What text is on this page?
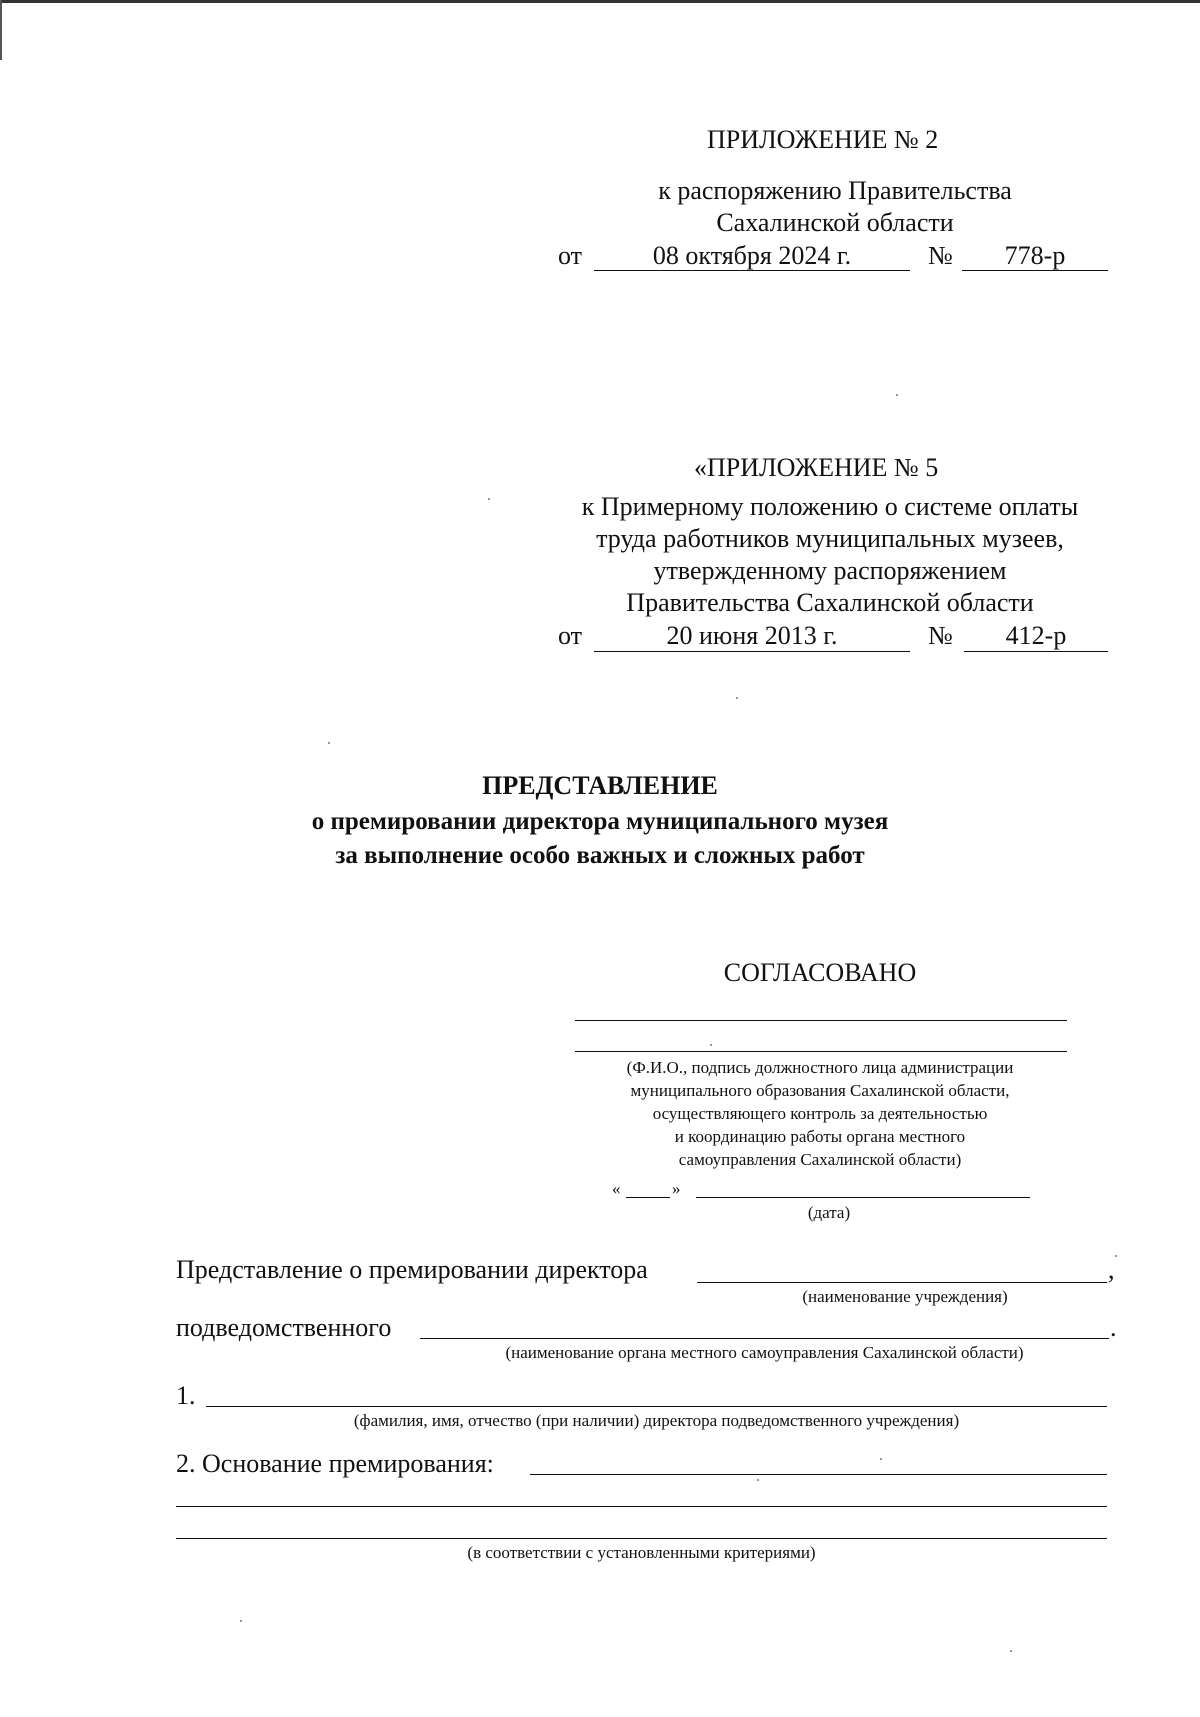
ПРИЛОЖЕНИЕ № 2
к распоряжению Правительства
Сахалинской области
от	08 октября 2024 г.	№	778-р
«ПРИЛОЖЕНИЕ № 5
к Примерному положению о системе оплаты
труда работников муниципальных музеев,
утвержденному распоряжением
Правительства Сахалинской области
от	20 июня 2013 г.	№	412-р
ПРЕДСТАВЛЕНИЕ
о премировании директора муниципального музея
за выполнение особо важных и сложных работ
СОГЛАСОВАНО
(Ф.И.О., подпись должностного лица администрации
муниципального образования Сахалинской области,
осуществляющего контроль за деятельностью
и координацию работы органа местного
самоуправления Сахалинской области)
«	»
(дата)
Представление о премировании директора	,
(наименование учреждения)
подведомственного	.
(наименование органа местного самоуправления Сахалинской области)
1.
(фамилия, имя, отчество (при наличии) директора подведомственного учреждения)
2. Основание премирования:
(в соответствии с установленными критериями)
